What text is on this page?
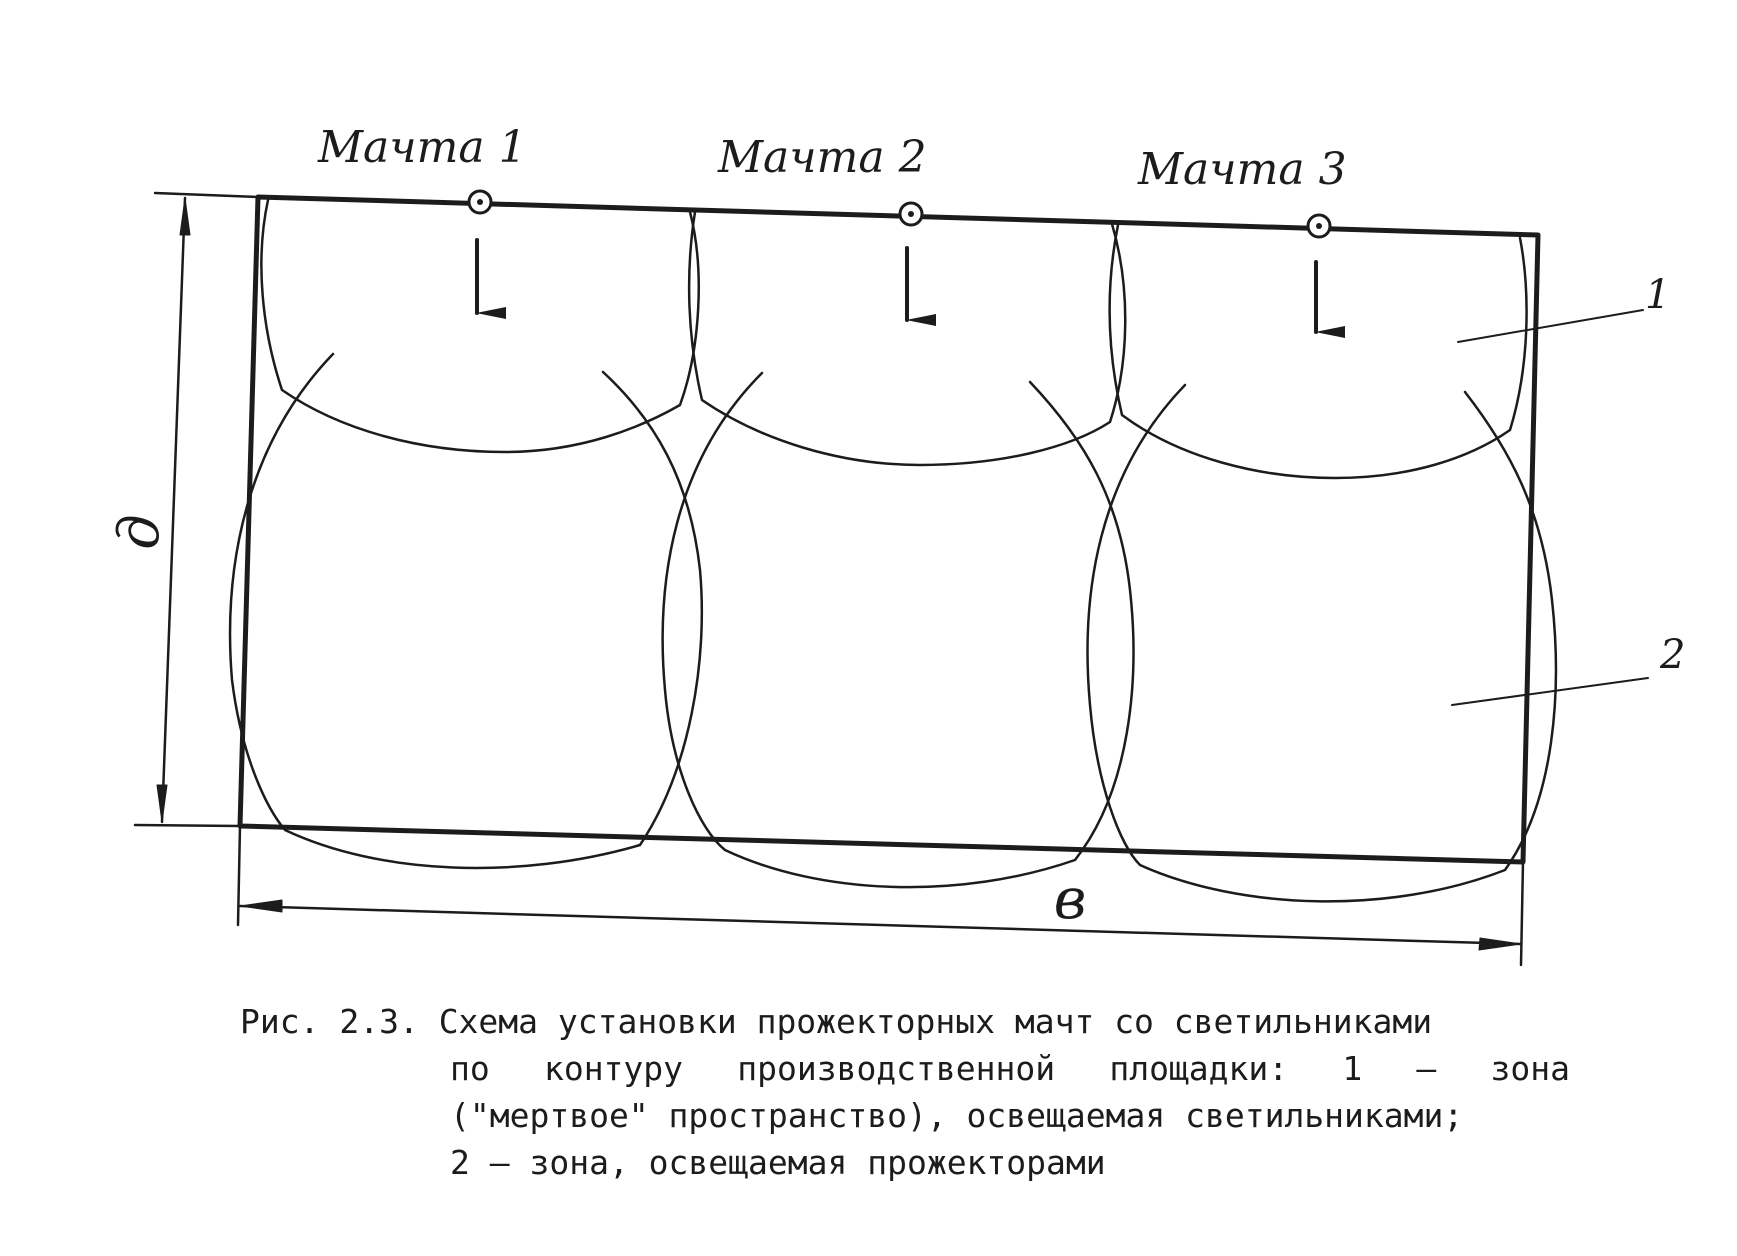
Мачта 1	Мачта 2	Мачта 3
1
2
д
в
Рис. 2.3. Схема установки прожекторных мачт со светильниками
по контуру производственной площадки: 1 – зона
("мертвое" пространство), освещаемая светильниками;
2 – зона, освещаемая прожекторами
